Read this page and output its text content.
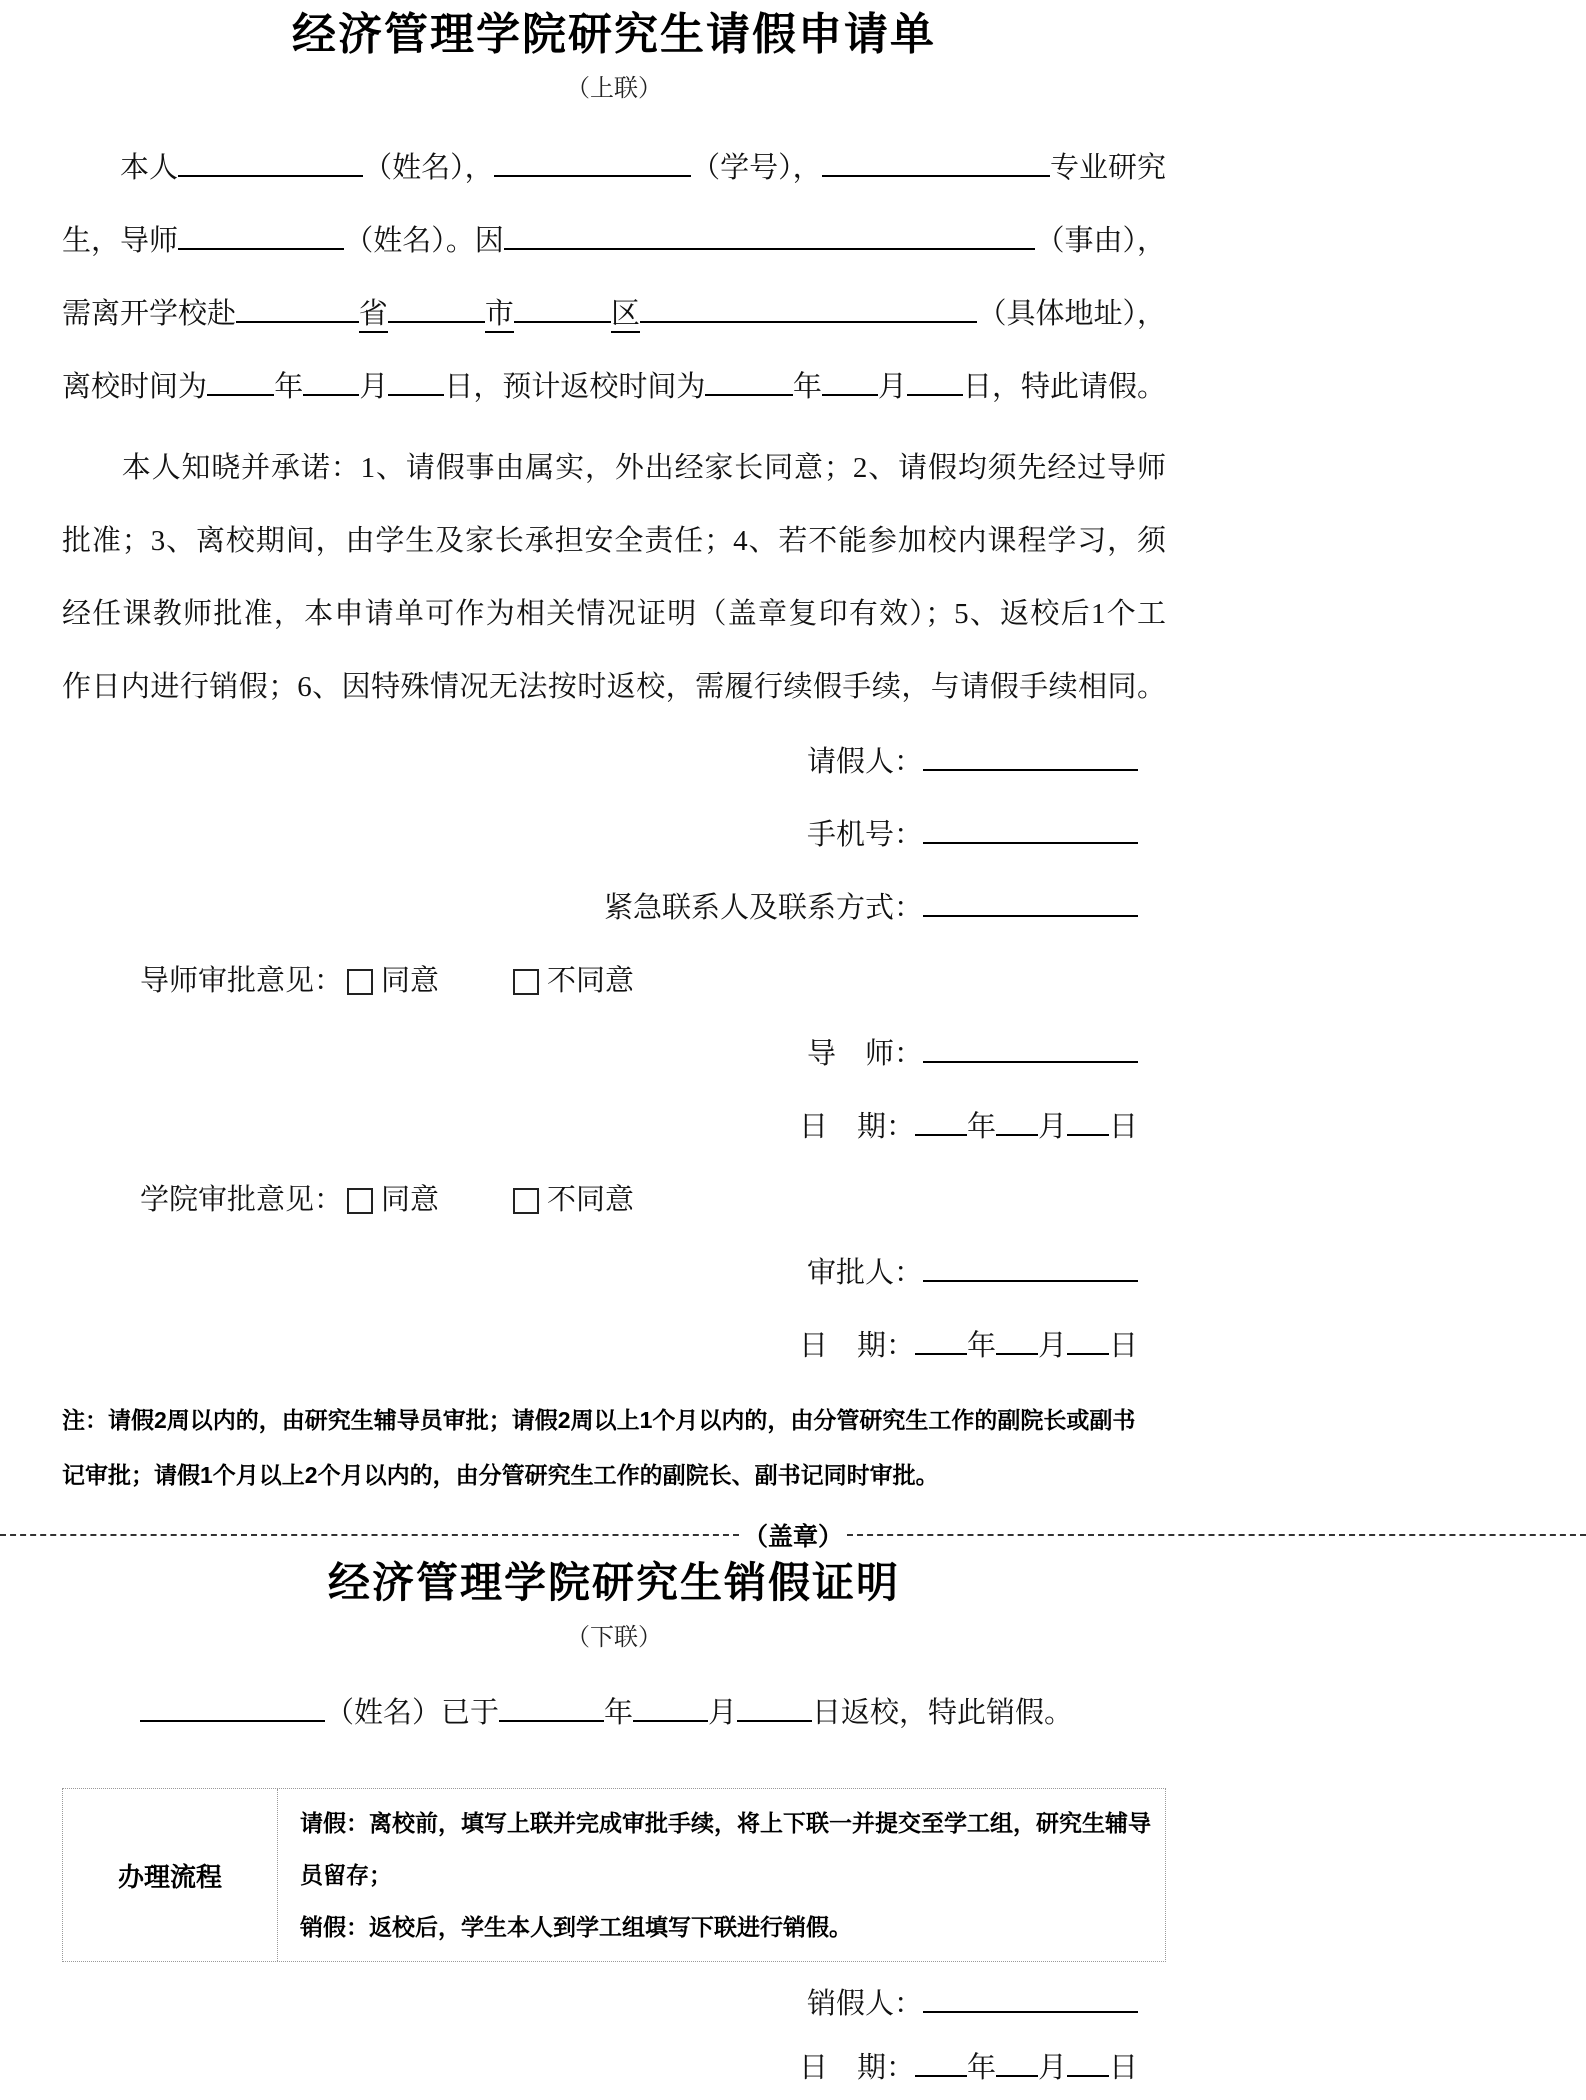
经济管理学院研究生请假申请单
（上联）
　　本人	（姓名），	（学号），	专业研究
生，导师	（姓名）。因	（事由），
需离开学校赴	省	市	区	（具体地址），
离校时间为 年 月 日，预计返校时间为	年 月 日，特此请假。
　　本人知晓并承诺：1、请假事由属实，外出经家长同意；2、请假均须先经过导师
批准；3、离校期间，由学生及家长承担安全责任；4、若不能参加校内课程学习，须
经任课教师批准，本申请单可作为相关情况证明（盖章复印有效）；5、返校后1个工
作日内进行销假；6、因特殊情况无法按时返校，需履行续假手续，与请假手续相同。
请假人：
手机号：
紧急联系人及联系方式：
导师审批意见： 同意	不同意
导　师：
日　期： 年 月 日
学院审批意见： 同意	不同意
审批人：
日　期： 年 月 日
注：请假2周以内的，由研究生辅导员审批；请假2周以上1个月以内的，由分管研究生工作的副院长或副书
记审批；请假1个月以上2个月以内的，由分管研究生工作的副院长、副书记同时审批。
（盖章）
经济管理学院研究生销假证明
（下联）
（姓名）已于	年	月	日返校，特此销假。
办理流程
请假：离校前，填写上联并完成审批手续，将上下联一并提交至学工组，研究生辅导员留存；
销假：返校后，学生本人到学工组填写下联进行销假。
销假人：
日　期： 年 月 日
